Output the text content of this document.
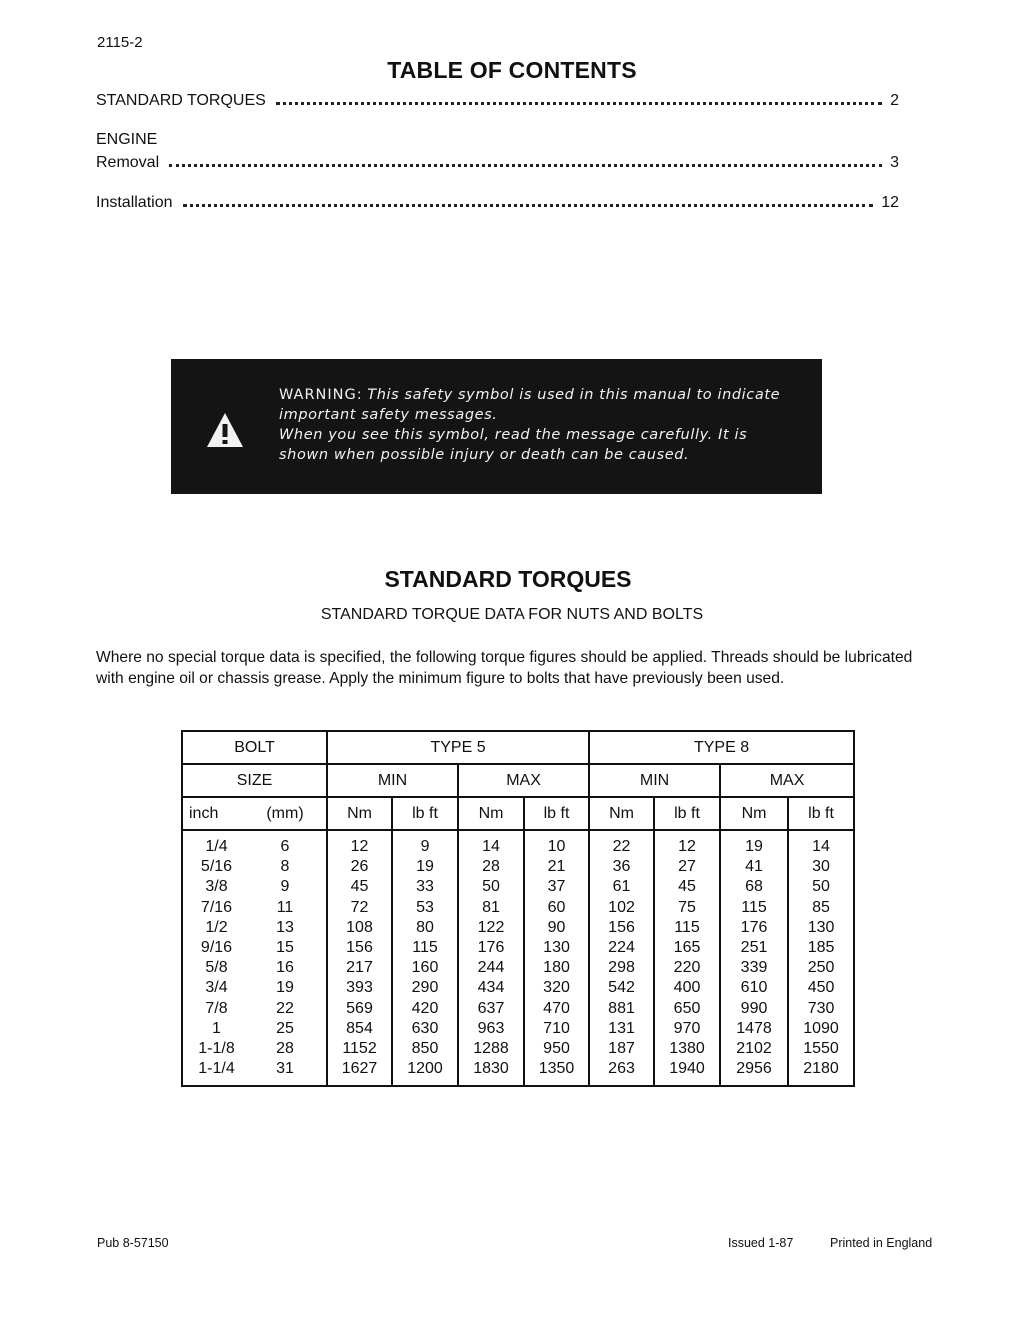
2115-2
TABLE OF CONTENTS
STANDARD TORQUES	2
ENGINE
Removal	3
Installation	12
WARNING: This safety symbol is used in this manual to indicate important safety messages.
When you see this symbol, read the message carefully. It is shown when possible injury or death can be caused.
STANDARD TORQUES
STANDARD TORQUE DATA FOR NUTS AND BOLTS
Where no special torque data is specified, the following torque figures should be applied. Threads should be lubricated with engine oil or chassis grease. Apply the minimum figure to bolts that have previously been used.
BOLT		TYPE 5				TYPE 8			
SIZE		MIN		MAX		MIN		MAX	
inch	(mm)	Nm	lb ft	Nm	lb ft	Nm	lb ft	Nm	lb ft
1/4	6	12	9	14	10	22	12	19	14
5/16	8	26	19	28	21	36	27	41	30
3/8	9	45	33	50	37	61	45	68	50
7/16	11	72	53	81	60	102	75	115	85
1/2	13	108	80	122	90	156	115	176	130
9/16	15	156	115	176	130	224	165	251	185
5/8	16	217	160	244	180	298	220	339	250
3/4	19	393	290	434	320	542	400	610	450
7/8	22	569	420	637	470	881	650	990	730
1	25	854	630	963	710	131	970	1478	1090
1-1/8	28	1152	850	1288	950	187	1380	2102	1550
1-1/4	31	1627	1200	1830	1350	263	1940	2956	2180
Pub 8-57150	Issued 1-87	Printed in England
